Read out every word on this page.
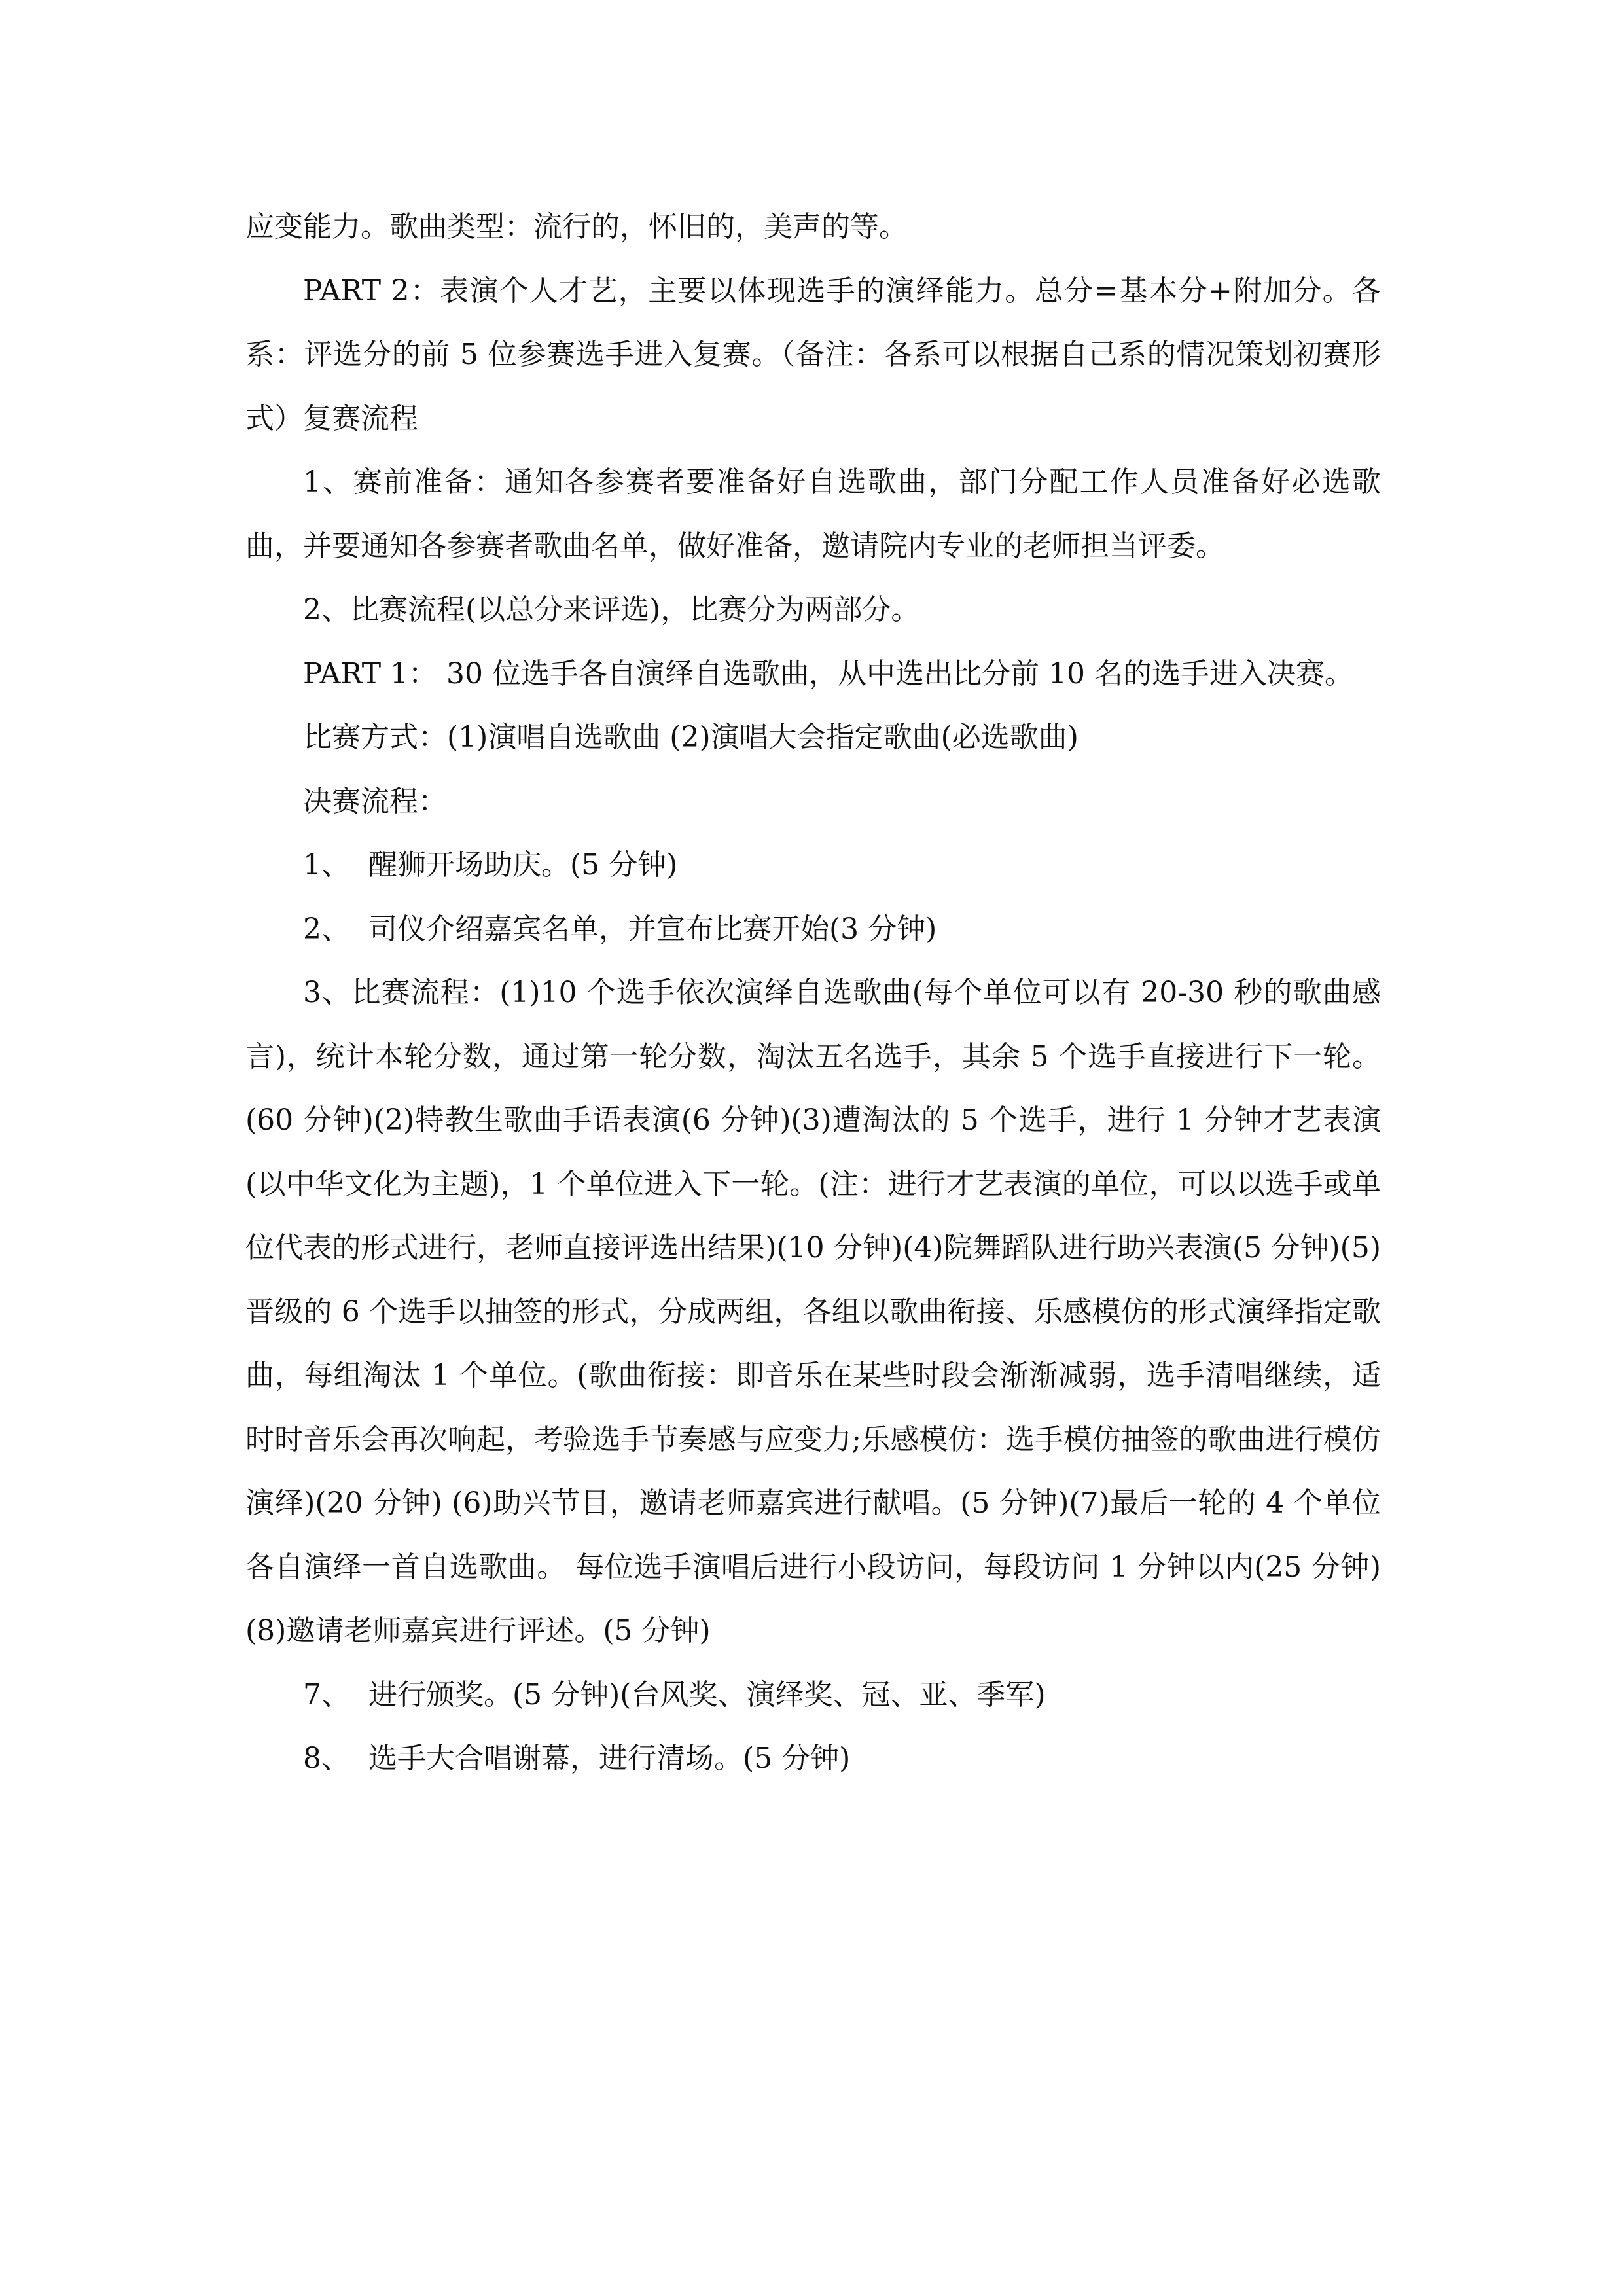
应变能力。歌曲类型：流行的，怀旧的，美声的等。

PART 2：表演个人才艺，主要以体现选手的演绎能力。总分=基本分+附加分。各系：评选分的前 5 位参赛选手进入复赛。（备注：各系可以根据自己系的情况策划初赛形式）复赛流程

1、赛前准备：通知各参赛者要准备好自选歌曲，部门分配工作人员准备好必选歌曲，并要通知各参赛者歌曲名单，做好准备，邀请院内专业的老师担当评委。

2、比赛流程(以总分来评选)，比赛分为两部分。

PART 1： 30 位选手各自演绎自选歌曲，从中选出比分前 10 名的选手进入决赛。

比赛方式：(1)演唱自选歌曲 (2)演唱大会指定歌曲(必选歌曲)

决赛流程：

1、 醒狮开场助庆。(5 分钟)

2、 司仪介绍嘉宾名单，并宣布比赛开始(3 分钟)

3、比赛流程：(1)10 个选手依次演绎自选歌曲(每个单位可以有 20-30 秒的歌曲感言)，统计本轮分数，通过第一轮分数，淘汰五名选手，其余 5 个选手直接进行下一轮。(60 分钟)(2)特教生歌曲手语表演(6 分钟)(3)遭淘汰的 5 个选手，进行 1 分钟才艺表演(以中华文化为主题)，1 个单位进入下一轮。(注：进行才艺表演的单位，可以以选手或单位代表的形式进行，老师直接评选出结果)(10 分钟)(4)院舞蹈队进行助兴表演(5 分钟)(5)晋级的 6 个选手以抽签的形式，分成两组，各组以歌曲衔接、乐感模仿的形式演绎指定歌曲，每组淘汰 1 个单位。(歌曲衔接：即音乐在某些时段会渐渐减弱，选手清唱继续，适时时音乐会再次响起，考验选手节奏感与应变力;乐感模仿：选手模仿抽签的歌曲进行模仿演绎)(20 分钟) (6)助兴节目，邀请老师嘉宾进行献唱。(5 分钟)(7)最后一轮的 4 个单位各自演绎一首自选歌曲。 每位选手演唱后进行小段访问，每段访问 1 分钟以内(25 分钟) (8)邀请老师嘉宾进行评述。(5 分钟)

7、 进行颁奖。(5 分钟)(台风奖、演绎奖、冠、亚、季军)

8、 选手大合唱谢幕，进行清场。(5 分钟)
